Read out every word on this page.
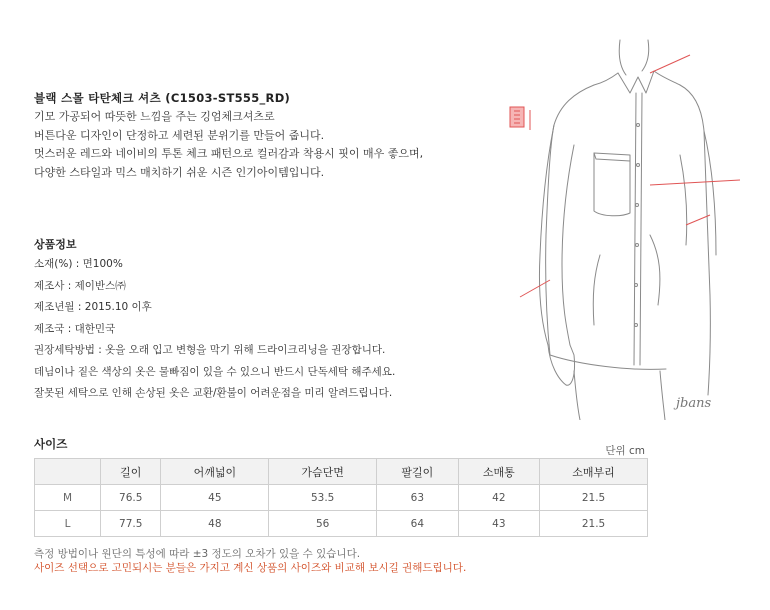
블랙 스몰 타탄체크 셔츠 (C1503-ST555_RD)
기모 가공되어 따뜻한 느낌을 주는 깅엄체크셔츠로
버튼다운 디자인이 단정하고 세련된 분위기를 만들어 줍니다.
멋스러운 레드와 네이비의 투톤 체크 패턴으로 컬러감과 착용시 핏이 매우 좋으며,
다양한 스타일과 믹스 매치하기 쉬운 시즌 인기아이템입니다.
상품정보
소재(%) : 면100%
제조사 : 제이반스㈜
제조년월 : 2015.10 이후
제조국 : 대한민국
권장세탁방법 : 옷을 오래 입고 변형을 막기 위해 드라이크리닝을 권장합니다.
데님이나 짙은 색상의 옷은 물빠짐이 있을 수 있으니 반드시 단독세탁 해주세요.
잘못된 세탁으로 인해 손상된 옷은 교환/환불이 어려운점을 미리 알려드립니다.
jbans
사이즈	단위 cm
	길이	어깨넓이	가슴단면	팔길이	소매통	소매부리
M	76.5	45	53.5	63	42	21.5
L	77.5	48	56	64	43	21.5
측정 방법이나 원단의 특성에 따라 ±3 정도의 오차가 있을 수 있습니다.
사이즈 선택으로 고민되시는 분들은 가지고 계신 상품의 사이즈와 비교해 보시길 권해드립니다.
